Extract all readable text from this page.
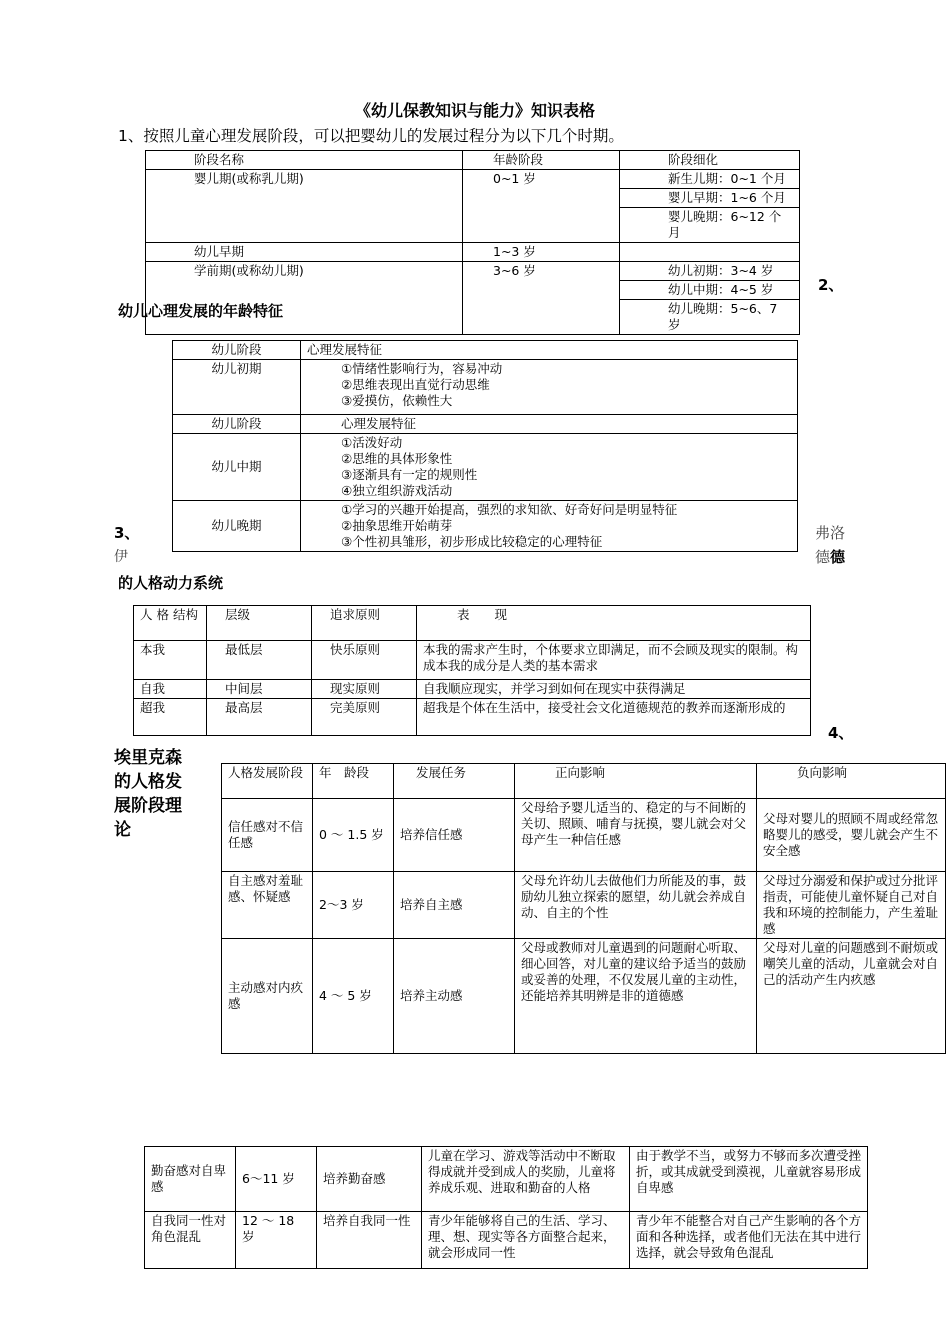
《幼儿保教知识与能力》知识表格
1、按照儿童心理发展阶段，可以把婴幼儿的发展过程分为以下几个时期。
阶段名称	年龄阶段	阶段细化
婴儿期(或称乳儿期)	0~1 岁	新生儿期：0~1 个月
		婴儿早期：1~6 个月
		婴儿晚期：6~12 个月
幼儿早期	1~3 岁	
学前期(或称幼儿期)	3~6 岁	幼儿初期：3~4 岁
		幼儿中期：4~5 岁
		幼儿晚期：5~6、7 岁
2、
幼儿心理发展的年龄特征
幼儿阶段	心理发展特征
幼儿初期	①情绪性影响行为，容易冲动
②思维表现出直觉行动思维
③爱摸仿，依赖性大

幼儿阶段	心理发展特征
幼儿中期	①活泼好动
②思维的具体形象性
③逐渐具有一定的规则性
④独立组织游戏活动

幼儿晚期	①学习的兴趣开始提高，强烈的求知欲、好奇好问是明显特征
②抽象思维开始萌芽
③个性初具雏形，初步形成比较稳定的心理特征
3、
伊
弗洛
德德
的人格动力系统
人 格 结构	层级	追求原则	表　　现
本我	最低层	快乐原则	本我的需求产生时，个体要求立即满足，而不会顾及现实的限制。构成本我的成分是人类的基本需求
自我	中间层	现实原则	自我顺应现实，并学习到如何在现实中获得满足
超我	最高层	完美原则	超我是个体在生活中，接受社会文化道德规范的教养而逐渐形成的
4、
埃里克森
的人格发
展阶段理
论
人格发展阶段	年　龄段	发展任务	正向影响	负向影响
信任感对不信任感	0 ～ 1.5 岁	培养信任感	父母给予婴儿适当的、稳定的与不间断的关切、照顾、哺育与抚摸，婴儿就会对父母产生一种信任感	父母对婴儿的照顾不周或经常忽略婴儿的感受，婴儿就会产生不安全感
自主感对羞耻感、怀疑感	2～3 岁	培养自主感	父母允许幼儿去做他们力所能及的事，鼓励幼儿独立探索的愿望，幼儿就会养成自动、自主的个性	父母过分溺爱和保护或过分批评指责，可能使儿童怀疑自己对自我和环境的控制能力，产生羞耻感
主动感对内疚感	4 ～ 5 岁	培养主动感	父母或教师对儿童遇到的问题耐心听取、细心回答，对儿童的建议给予适当的鼓励或妥善的处理，不仅发展儿童的主动性，还能培养其明辨是非的道德感	父母对儿童的问题感到不耐烦或嘲笑儿童的活动，儿童就会对自己的活动产生内疚感
勤奋感对自卑感	6～11 岁	培养勤奋感	儿童在学习、游戏等活动中不断取得成就并受到成人的奖励，儿童将养成乐观、进取和勤奋的人格	由于教学不当，或努力不够而多次遭受挫折，或其成就受到漠视，儿童就容易形成自卑感
自我同一性对角色混乱	12 ～ 18 岁	培养自我同一性	青少年能够将自己的生活、学习、理、想、现实等各方面整合起来，就会形成同一性	青少年不能整合对自己产生影响的各个方面和各种选择，或者他们无法在其中进行选择，就会导致角色混乱
